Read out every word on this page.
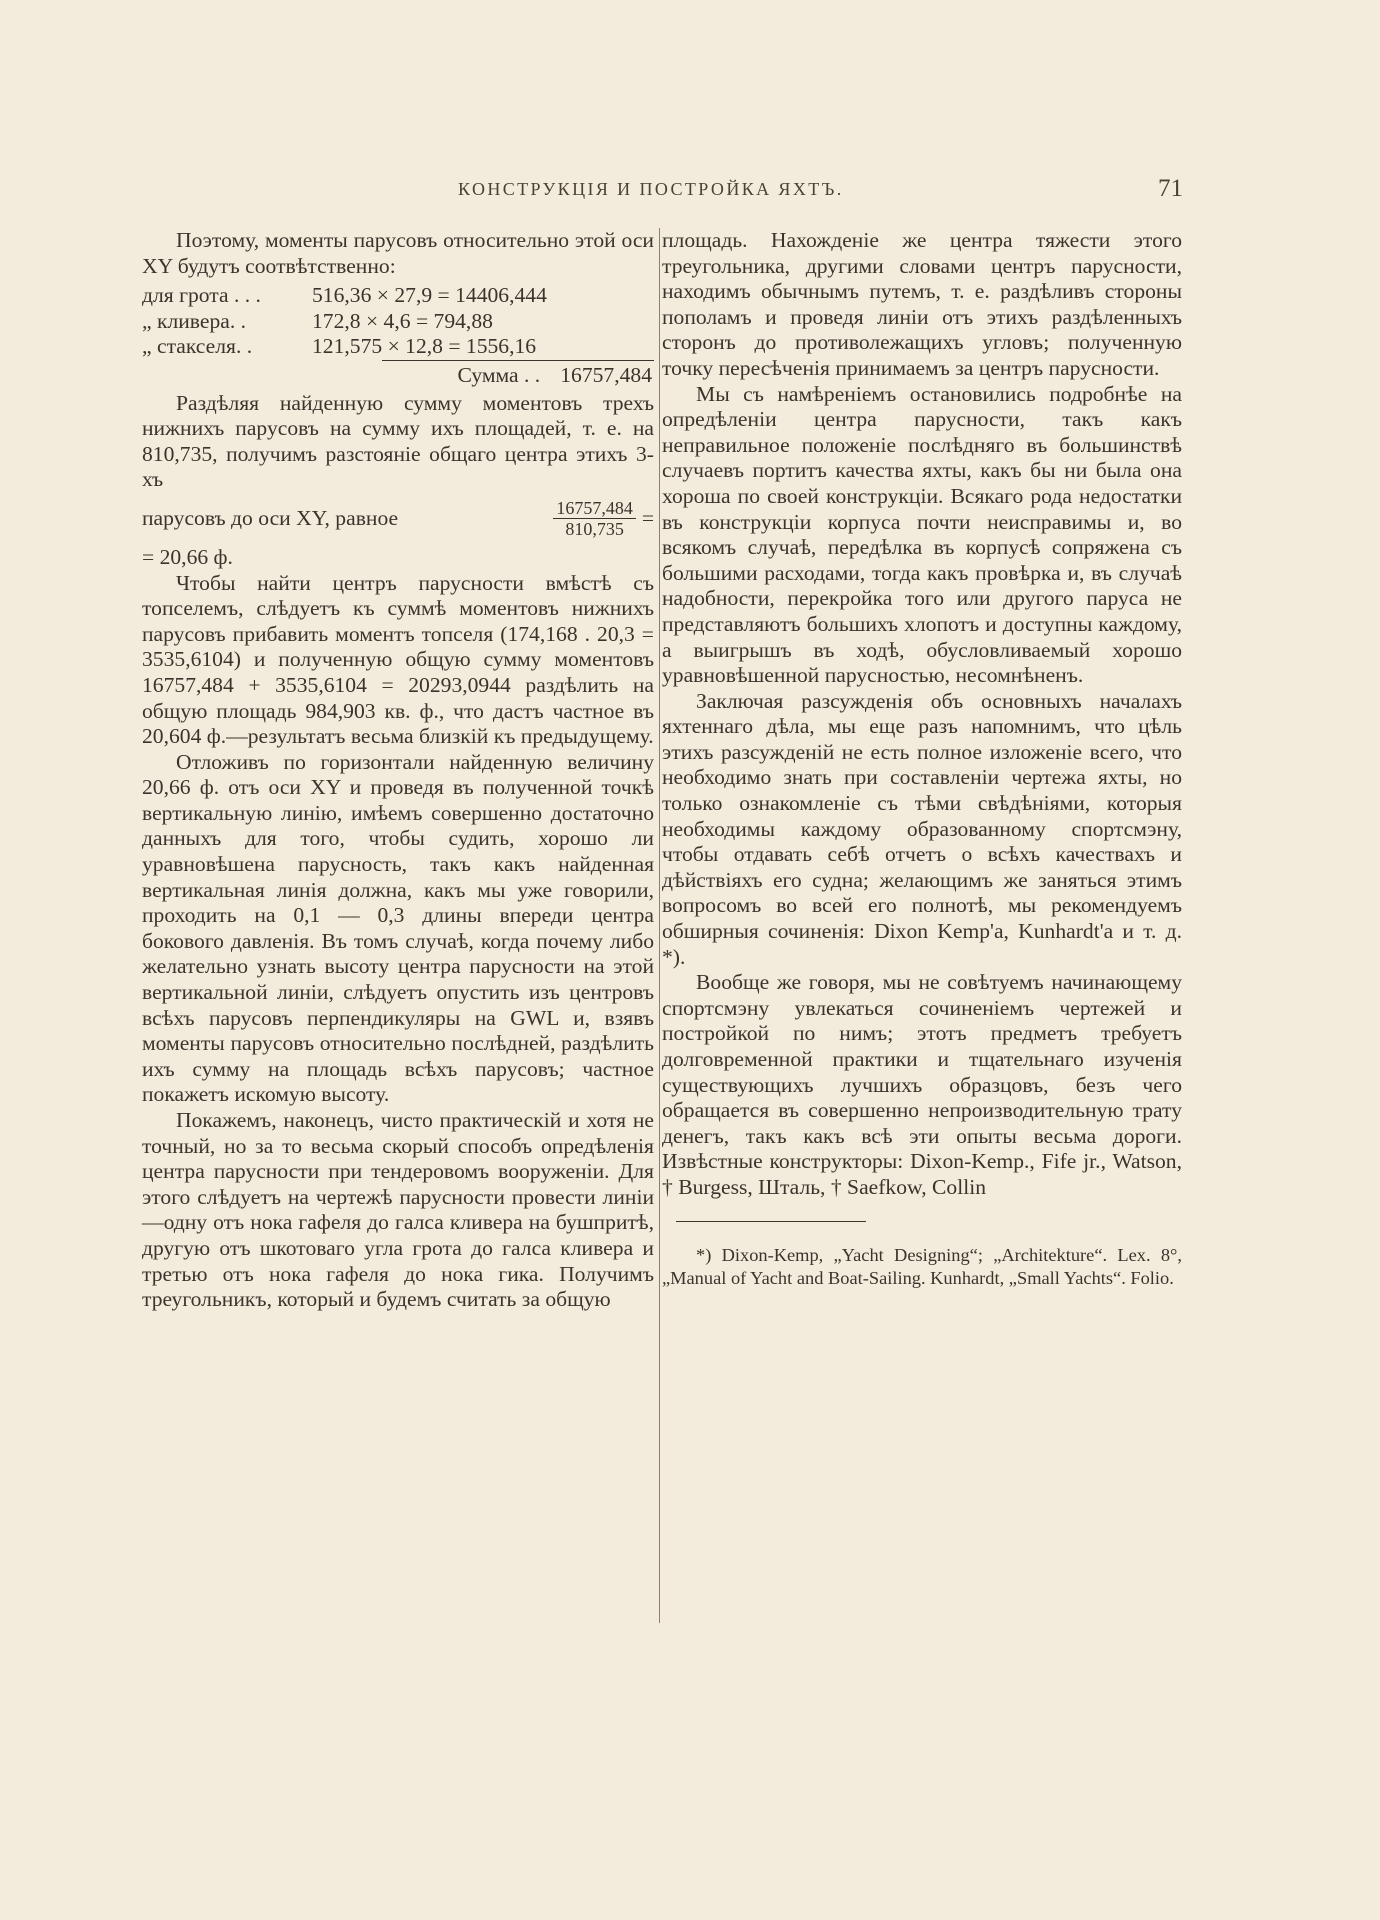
КОНСТРУКЦІЯ И ПОСТРОЙКА ЯХТЪ.	71

Поэтому, моменты парусовъ относительно этой оси XY будутъ соотвѣтственно:

для грота . . .	516,36 × 27,9 = 14406,444
„ кливера. .	172,8 × 4,6 = 794,88
„ стакселя. .	121,575 × 12,8 = 1556,16
Сумма . . 16757,484

Раздѣляя найденную сумму моментовъ трехъ нижнихъ парусовъ на сумму ихъ площадей, т. е. на 810,735, получимъ разстояніе общаго центра этихъ 3-хъ

парусовъ до оси XY, равное	$\frac{16757,484}{810,735}$ =

= 20,66 ф.

Чтобы найти центръ парусности вмѣстѣ съ топселемъ, слѣдуетъ къ суммѣ моментовъ нижнихъ парусовъ прибавить моментъ топселя (174,168 . 20,3 = 3535,6104) и полученную общую сумму моментовъ 16757,484 + 3535,6104 = 20293,0944 раздѣлить на общую площадь 984,903 кв. ф., что дастъ частное въ 20,604 ф.—результатъ весьма близкій къ предыдущему.

Отложивъ по горизонтали найденную величину 20,66 ф. отъ оси XY и проведя въ полученной точкѣ вертикальную линію, имѣемъ совершенно достаточно данныхъ для того, чтобы судить, хорошо ли уравновѣшена парусность, такъ какъ найденная вертикальная линія должна, какъ мы уже говорили, проходить на 0,1 — 0,3 длины впереди центра бокового давленія. Въ томъ случаѣ, когда почему либо желательно узнать высоту центра парусности на этой вертикальной линіи, слѣдуетъ опустить изъ центровъ всѣхъ парусовъ перпендикуляры на GWL и, взявъ моменты парусовъ относительно послѣдней, раздѣлить ихъ сумму на площадь всѣхъ парусовъ; частное покажетъ искомую высоту.

Покажемъ, наконецъ, чисто практическій и хотя не точный, но за то весьма скорый способъ опредѣленія центра парусности при тендеровомъ вооруженіи. Для этого слѣдуетъ на чертежѣ парусности провести линіи—одну отъ нока гафеля до галса кливера на бушпритѣ, другую отъ шкотоваго угла грота до галса кливера и третью отъ нока гафеля до нока гика. Получимъ треугольникъ, который и будемъ считать за общую

площадь. Нахожденіе же центра тяжести этого треугольника, другими словами центръ парусности, находимъ обычнымъ путемъ, т. е. раздѣливъ стороны пополамъ и проведя линіи отъ этихъ раздѣленныхъ сторонъ до противолежащихъ угловъ; полученную точку пересѣченія принимаемъ за центръ парусности.

Мы съ намѣреніемъ остановились подробнѣе на опредѣленіи центра парусности, такъ какъ неправильное положеніе послѣдняго въ большинствѣ случаевъ портитъ качества яхты, какъ бы ни была она хороша по своей конструкціи. Всякаго рода недостатки въ конструкціи корпуса почти неисправимы и, во всякомъ случаѣ, передѣлка въ корпусѣ сопряжена съ большими расходами, тогда какъ провѣрка и, въ случаѣ надобности, перекройка того или другого паруса не представляютъ большихъ хлопотъ и доступны каждому, а выигрышъ въ ходѣ, обусловливаемый хорошо уравновѣшенной парусностью, несомнѣненъ.

Заключая разсужденія объ основныхъ началахъ яхтеннаго дѣла, мы еще разъ напомнимъ, что цѣль этихъ разсужденій не есть полное изложеніе всего, что необходимо знать при составленіи чертежа яхты, но только ознакомленіе съ тѣми свѣдѣніями, которыя необходимы каждому образованному спортсмэну, чтобы отдавать себѣ отчетъ о всѣхъ качествахъ и дѣйствіяхъ его судна; желающимъ же заняться этимъ вопросомъ во всей его полнотѣ, мы рекомендуемъ обширныя сочиненія: Dixon Kemp'а, Kunhardt'а и т. д. *).

Вообще же говоря, мы не совѣтуемъ начинающему спортсмэну увлекаться сочиненіемъ чертежей и постройкой по нимъ; этотъ предметъ требуетъ долговременной практики и тщательнаго изученія существующихъ лучшихъ образцовъ, безъ чего обращается въ совершенно непроизводительную трату денегъ, такъ какъ всѣ эти опыты весьма дороги. Извѣстные конструкторы: Dixon-Kemp., Fife jr., Watson, † Burgess, Шталь, † Saefkow, Collin

*) Dixon-Kemp, „Yacht Designing“; „Architekture“. Lex. 8°, „Manual of Yacht and Boat-Sailing. Kunhardt, „Small Yachts“. Folio.
